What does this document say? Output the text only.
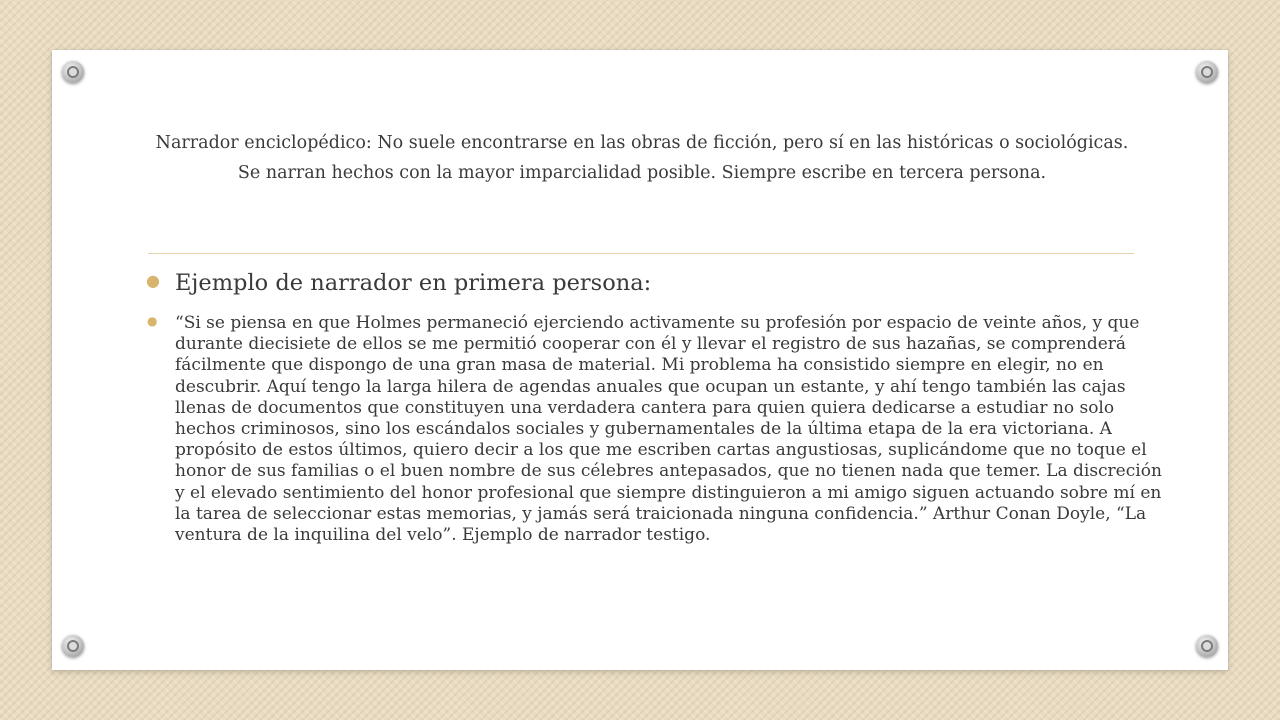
Narrador enciclopédico: No suele encontrarse en las obras de ficción, pero sí en las históricas o sociológicas. Se narran hechos con la mayor imparcialidad posible. Siempre escribe en tercera persona.

● Ejemplo de narrador en primera persona:

● “Si se piensa en que Holmes permaneció ejerciendo activamente su profesión por espacio de veinte años, y que durante diecisiete de ellos se me permitió cooperar con él y llevar el registro de sus hazañas, se comprenderá fácilmente que dispongo de una gran masa de material. Mi problema ha consistido siempre en elegir, no en descubrir. Aquí tengo la larga hilera de agendas anuales que ocupan un estante, y ahí tengo también las cajas llenas de documentos que constituyen una verdadera cantera para quien quiera dedicarse a estudiar no solo hechos criminosos, sino los escándalos sociales y gubernamentales de la última etapa de la era victoriana. A propósito de estos últimos, quiero decir a los que me escriben cartas angustiosas, suplicándome que no toque el honor de sus familias o el buen nombre de sus célebres antepasados, que no tienen nada que temer. La discreción y el elevado sentimiento del honor profesional que siempre distinguieron a mi amigo siguen actuando sobre mí en la tarea de seleccionar estas memorias, y jamás será traicionada ninguna confidencia.” Arthur Conan Doyle, “La ventura de la inquilina del velo”. Ejemplo de narrador testigo.
